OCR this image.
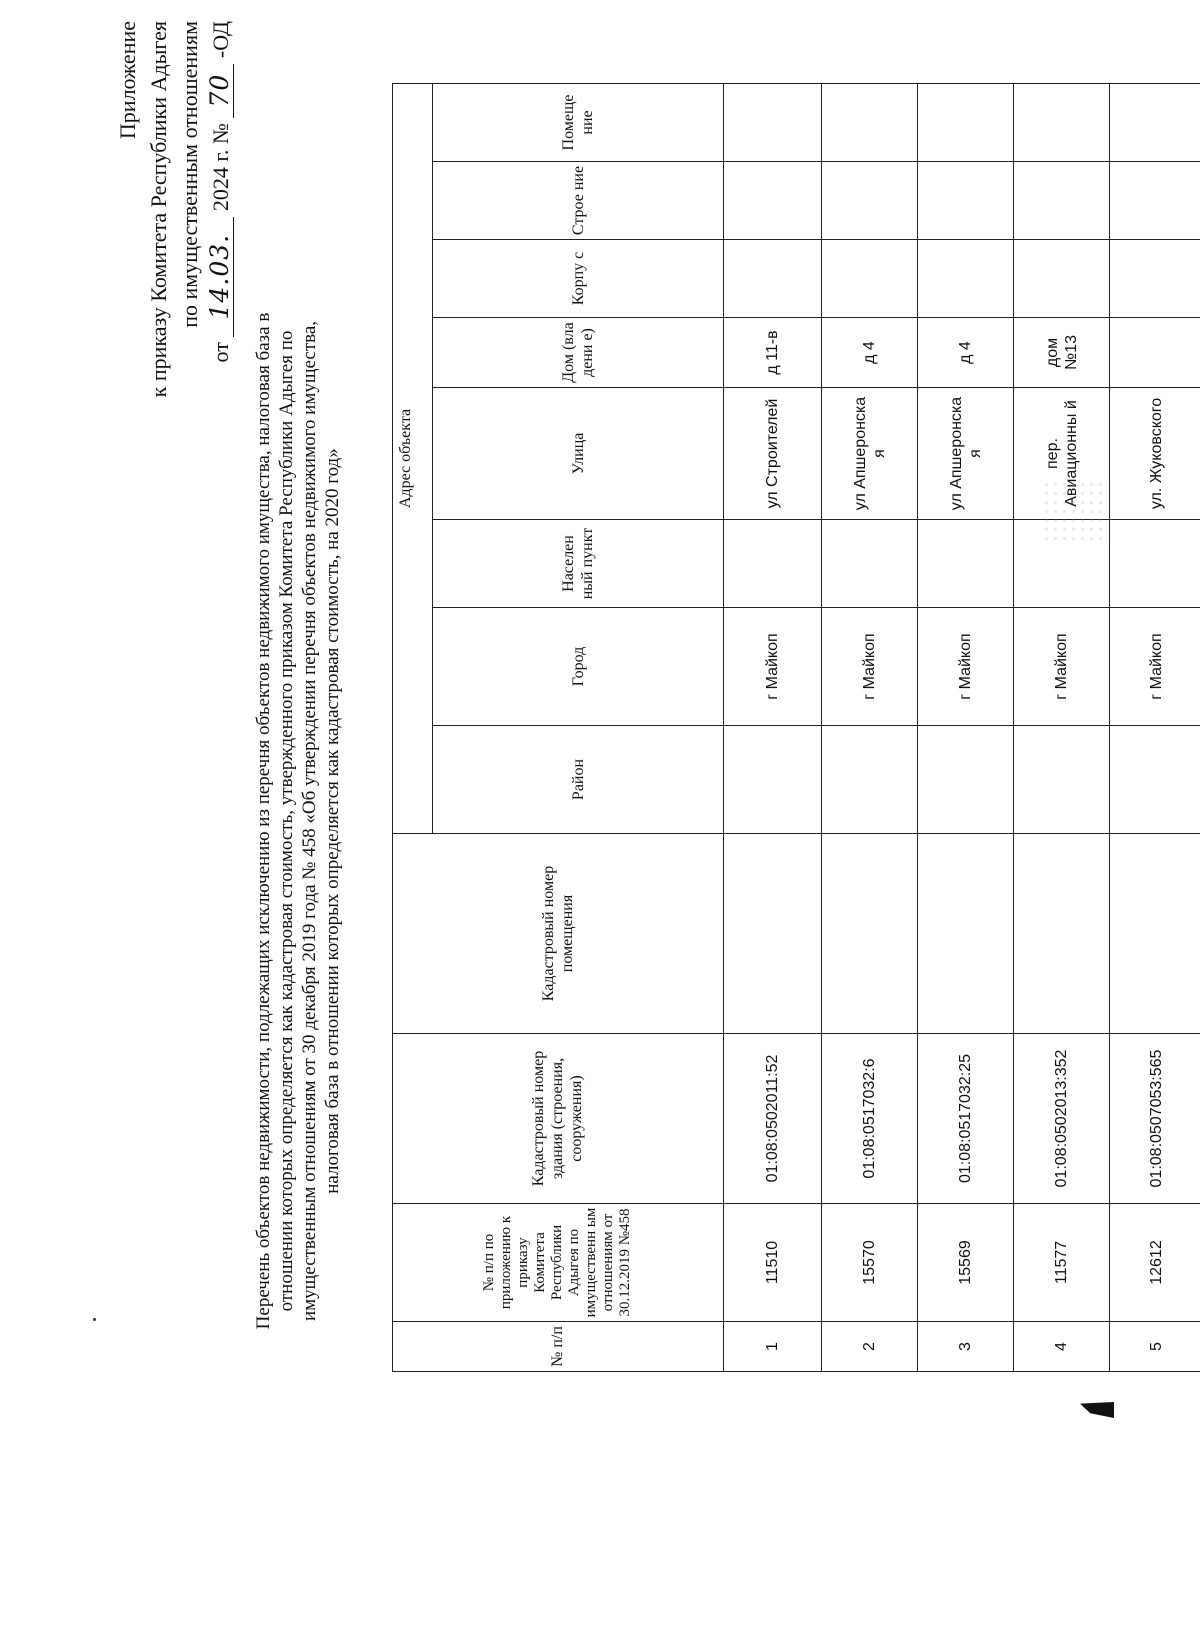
Приложение к приказу Комитета Республики Адыгея по имущественным отношениям
от 14.03. 2024 г. № 70 -ОД
Перечень объектов недвижимости, подлежащих исключению из перечня объектов недвижимого имущества, налоговая база в отношении которых определяется как кадастровая стоимость, утвержденного приказом Комитета Республики Адыгея по имущественным отношениям от 30 декабря 2019 года № 458 «Об утверждении перечня объектов недвижимого имущества, налоговая база в отношении которых определяется как кадастровая стоимость, на 2020 год»
№ п/п	№ п/п по приложению к приказу Комитета Республики Адыгея по имущественн ым отношениям от 30.12.2019 №458	Кадастровый номер здания (строения, сооружения)	Кадастровый номер помещения	Адрес объекта							
				Район	Город	Населен ный пункт	Улица	Дом (вла дени е)	Корпу с	Строе ние	Помеще ние
1	11510	01:08:0502011:52			г Майкоп		ул Строителей	д 11-в			
2	15570	01:08:0517032:6			г Майкоп		ул Апшеронска я	д 4			
3	15569	01:08:0517032:25			г Майкоп		ул Апшеронска я	д 4			
4	11577	01:08:0502013:352			г Майкоп		пер. Авиационны й	дом №13			
5	12612	01:08:0507053:565			г Майкоп		ул. Жуковского				
